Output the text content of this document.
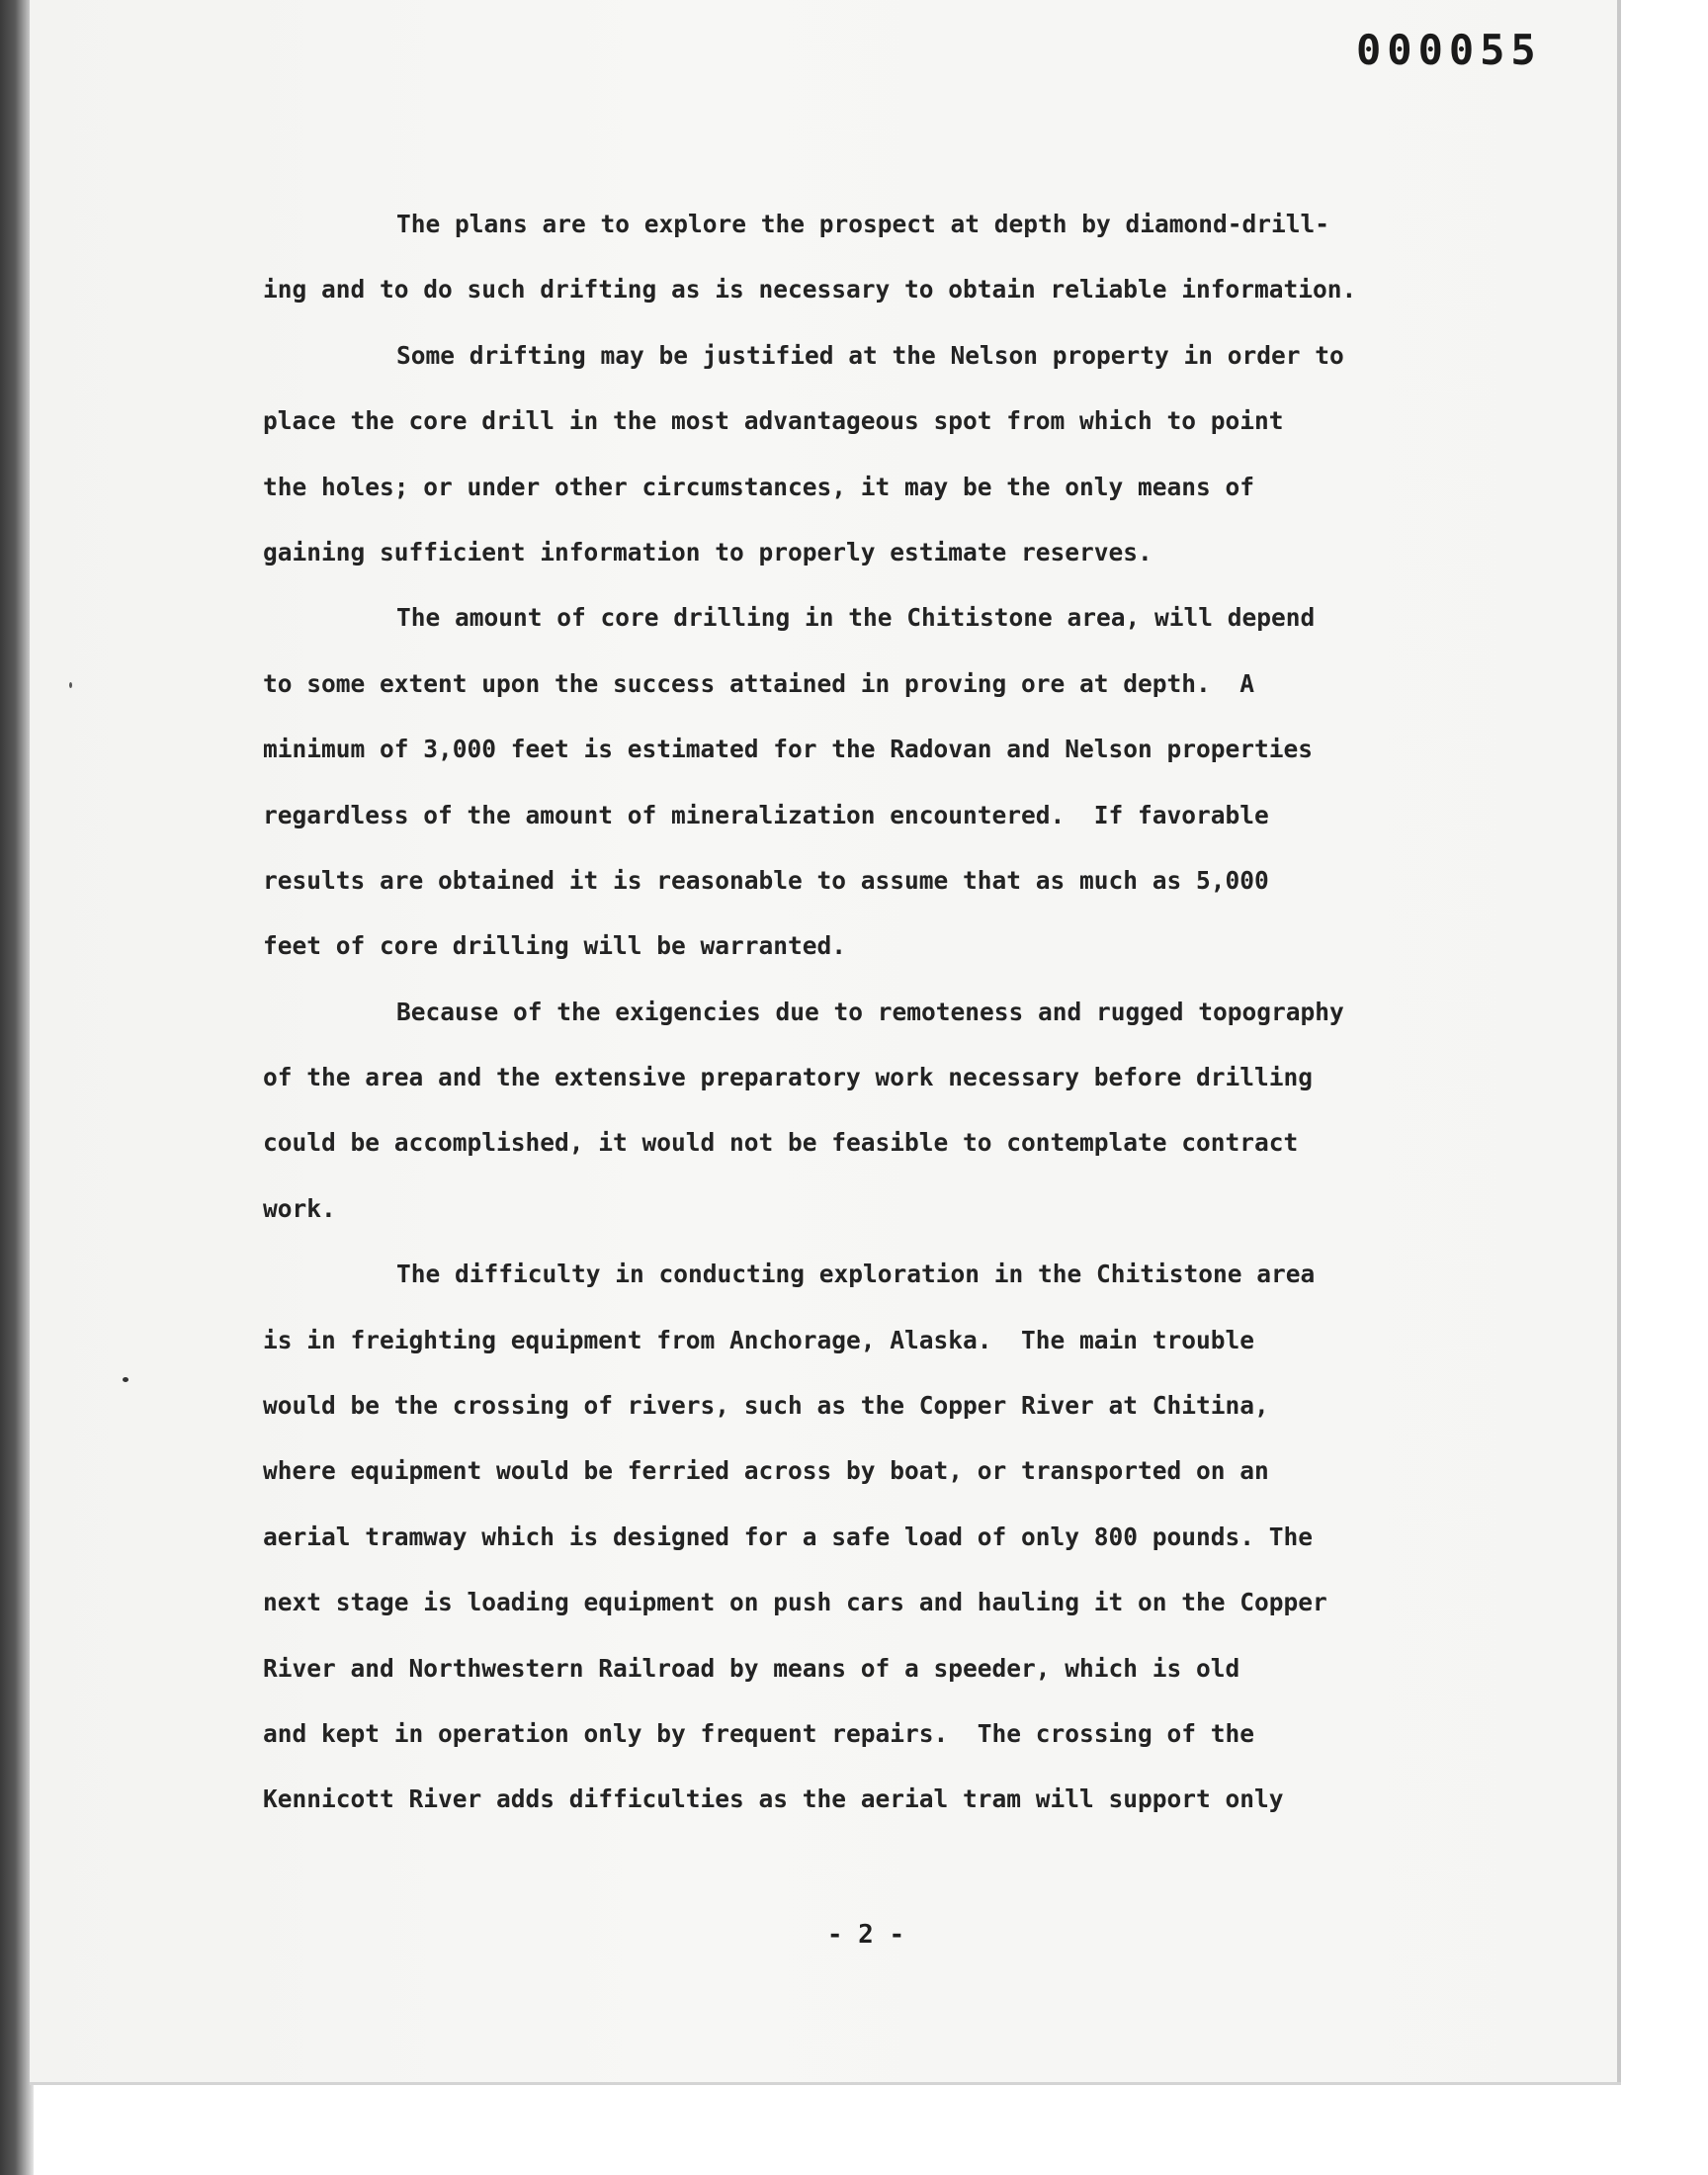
000055
The plans are to explore the prospect at depth by diamond-drill-
ing and to do such drifting as is necessary to obtain reliable information.
Some drifting may be justified at the Nelson property in order to
place the core drill in the most advantageous spot from which to point
the holes; or under other circumstances, it may be the only means of
gaining sufficient information to properly estimate reserves.
The amount of core drilling in the Chitistone area, will depend
to some extent upon the success attained in proving ore at depth.  A
minimum of 3,000 feet is estimated for the Radovan and Nelson properties
regardless of the amount of mineralization encountered.  If favorable
results are obtained it is reasonable to assume that as much as 5,000
feet of core drilling will be warranted.
Because of the exigencies due to remoteness and rugged topography
of the area and the extensive preparatory work necessary before drilling
could be accomplished, it would not be feasible to contemplate contract
work.
The difficulty in conducting exploration in the Chitistone area
is in freighting equipment from Anchorage, Alaska.  The main trouble
would be the crossing of rivers, such as the Copper River at Chitina,
where equipment would be ferried across by boat, or transported on an
aerial tramway which is designed for a safe load of only 800 pounds. The
next stage is loading equipment on push cars and hauling it on the Copper
River and Northwestern Railroad by means of a speeder, which is old
and kept in operation only by frequent repairs.  The crossing of the
Kennicott River adds difficulties as the aerial tram will support only
- 2 -
